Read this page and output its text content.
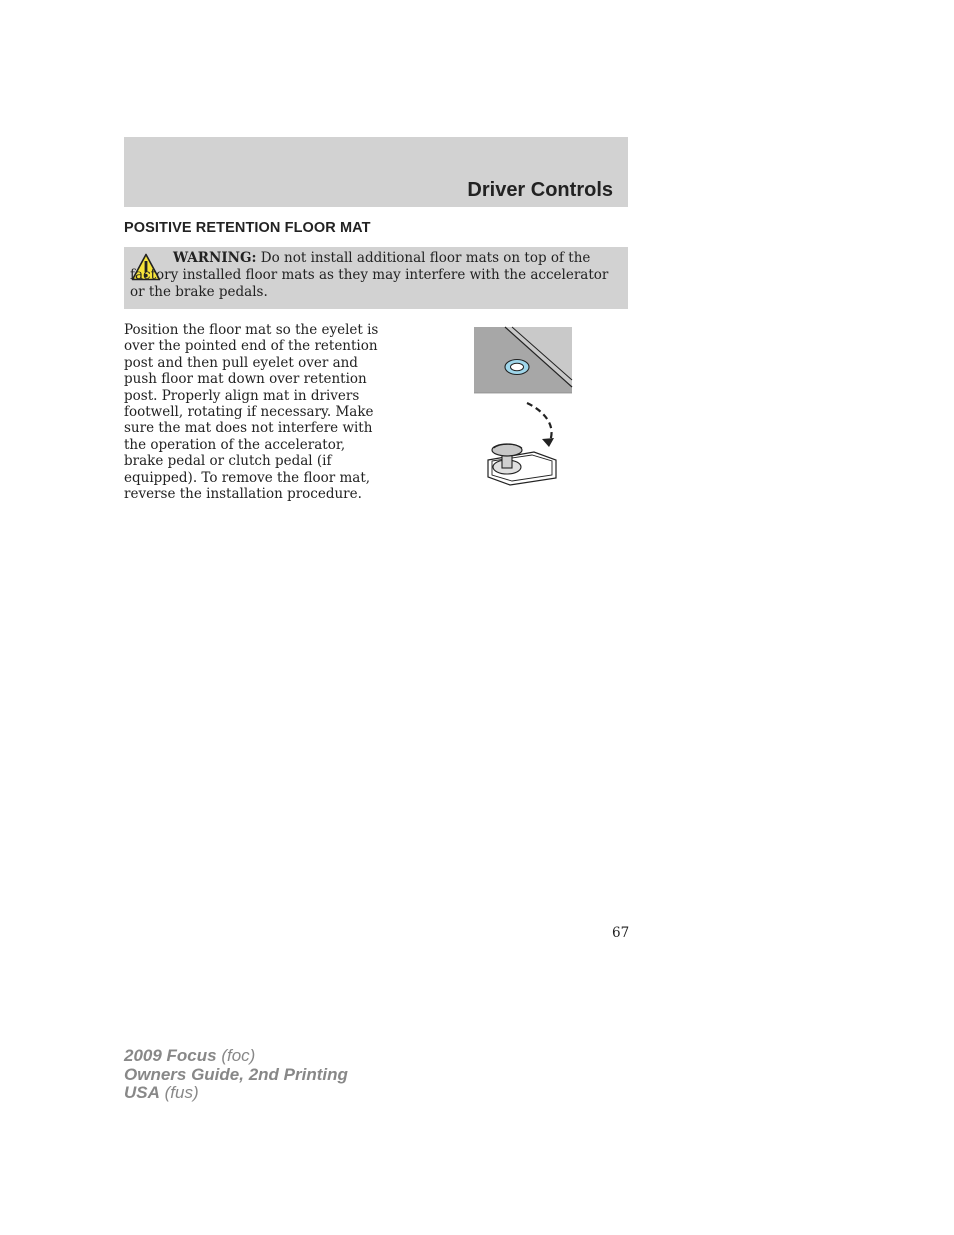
Driver Controls
POSITIVE RETENTION FLOOR MAT
WARNING: Do not install additional floor mats on top of the factory installed floor mats as they may interfere with the accelerator or the brake pedals.
Position the floor mat so the eyelet is over the pointed end of the retention post and then pull eyelet over and push floor mat down over retention post. Properly align mat in drivers footwell, rotating if necessary. Make sure the mat does not interfere with the operation of the accelerator, brake pedal or clutch pedal (if equipped). To remove the floor mat, reverse the installation procedure.
67
2009 Focus (foc)
Owners Guide, 2nd Printing
USA (fus)
